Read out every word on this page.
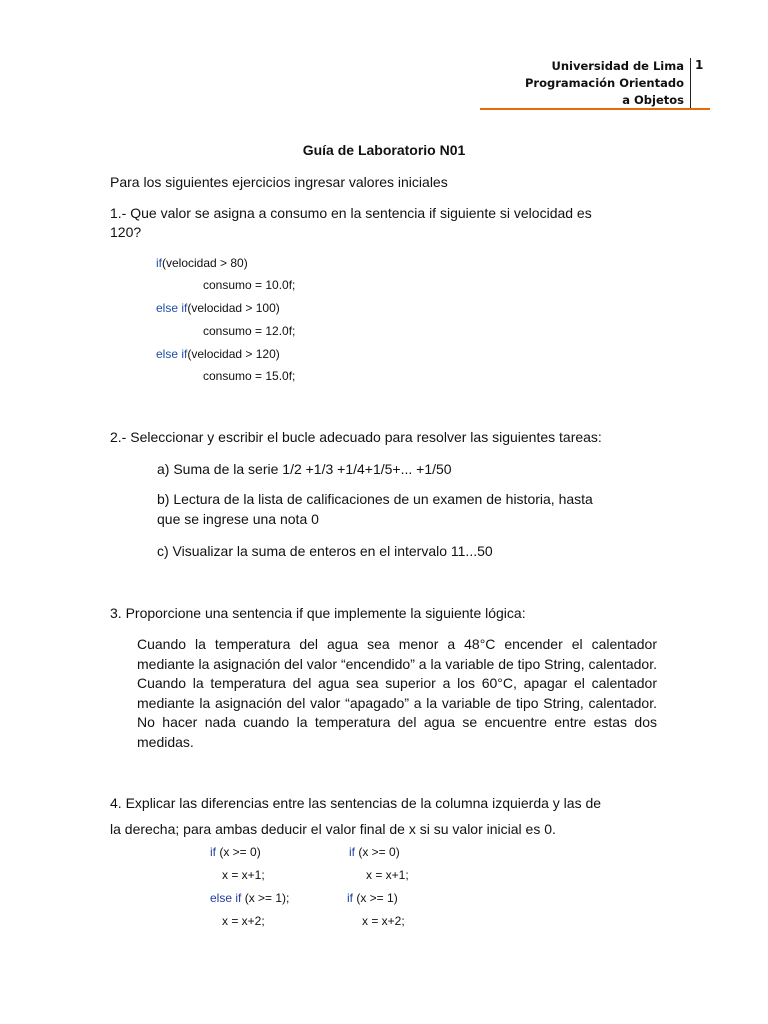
Universidad de Lima
Programación Orientado
a Objetos
1
Guía de Laboratorio N01
Para los siguientes ejercicios ingresar valores iniciales
1.- Que valor se asigna a consumo en la sentencia if siguiente si velocidad es
120?
if(velocidad > 80)
consumo = 10.0f;
else if(velocidad > 100)
consumo = 12.0f;
else if(velocidad > 120)
consumo = 15.0f;
2.- Seleccionar y escribir el bucle adecuado para resolver las siguientes tareas:
a) Suma de la serie 1/2 +1/3 +1/4+1/5+... +1/50
b) Lectura de la lista de calificaciones de un examen de historia, hasta
que se ingrese una nota 0
c) Visualizar la suma de enteros en el intervalo 11...50
3. Proporcione una sentencia if que implemente la siguiente lógica:
Cuando la temperatura del agua sea menor a 48°C encender el calentador mediante la asignación del valor “encendido” a la variable de tipo String, calentador. Cuando la temperatura del agua sea superior a los 60°C, apagar el calentador mediante la asignación del valor “apagado” a la variable de tipo String, calentador. No hacer nada cuando la temperatura del agua se encuentre entre estas dos medidas.
4. Explicar las diferencias entre las sentencias de la columna izquierda y las de
la derecha; para ambas deducir el valor final de x si su valor inicial es 0.
if (x >= 0)
x = x+1;
else if (x >= 1);
x = x+2;
if (x >= 0)
x = x+1;
if (x >= 1)
x = x+2;
